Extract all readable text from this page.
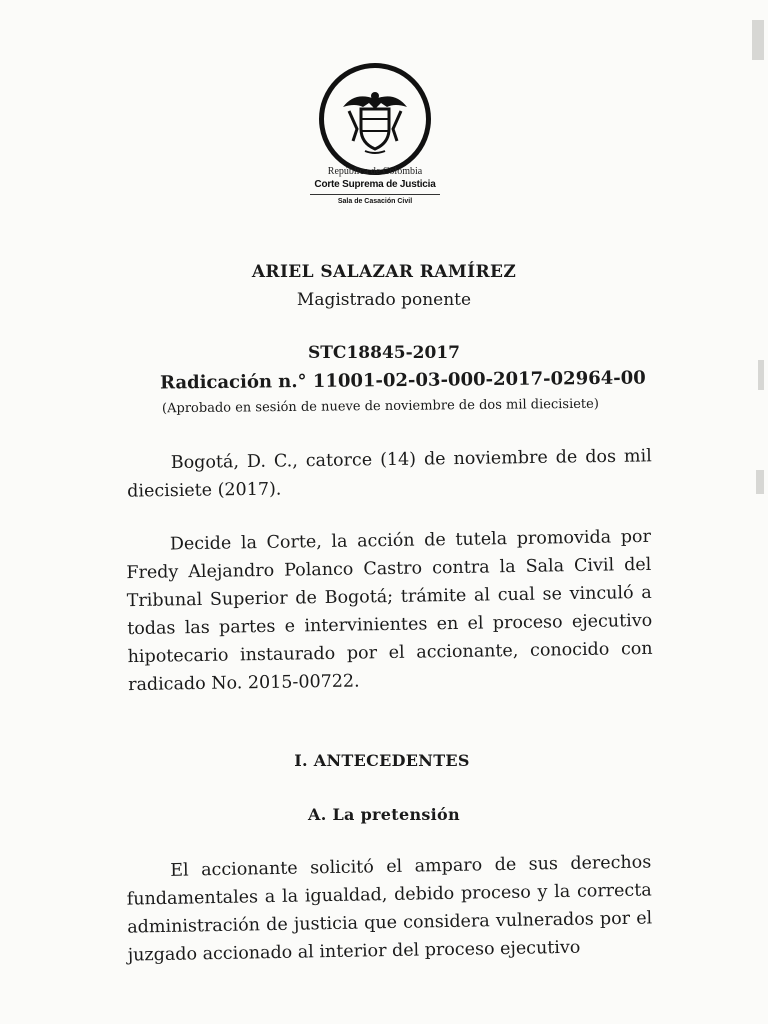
República de Colombia
Corte Suprema de Justicia
Sala de Casación Civil
ARIEL SALAZAR RAMÍREZ
Magistrado ponente
STC18845-2017
Radicación n.° 11001-02-03-000-2017-02964-00
(Aprobado en sesión de nueve de noviembre de dos mil diecisiete)

Bogotá, D. C., catorce (14) de noviembre de dos mil diecisiete (2017).

Decide la Corte, la acción de tutela promovida por Fredy Alejandro Polanco Castro contra la Sala Civil del Tribunal Superior de Bogotá; trámite al cual se vinculó a todas las partes e intervinientes en el proceso ejecutivo hipotecario instaurado por el accionante, conocido con radicado No. 2015-00722.

I. ANTECEDENTES
A. La pretensión

El accionante solicitó el amparo de sus derechos fundamentales a la igualdad, debido proceso y la correcta administración de justicia que considera vulnerados por el juzgado accionado al interior del proceso ejecutivo
